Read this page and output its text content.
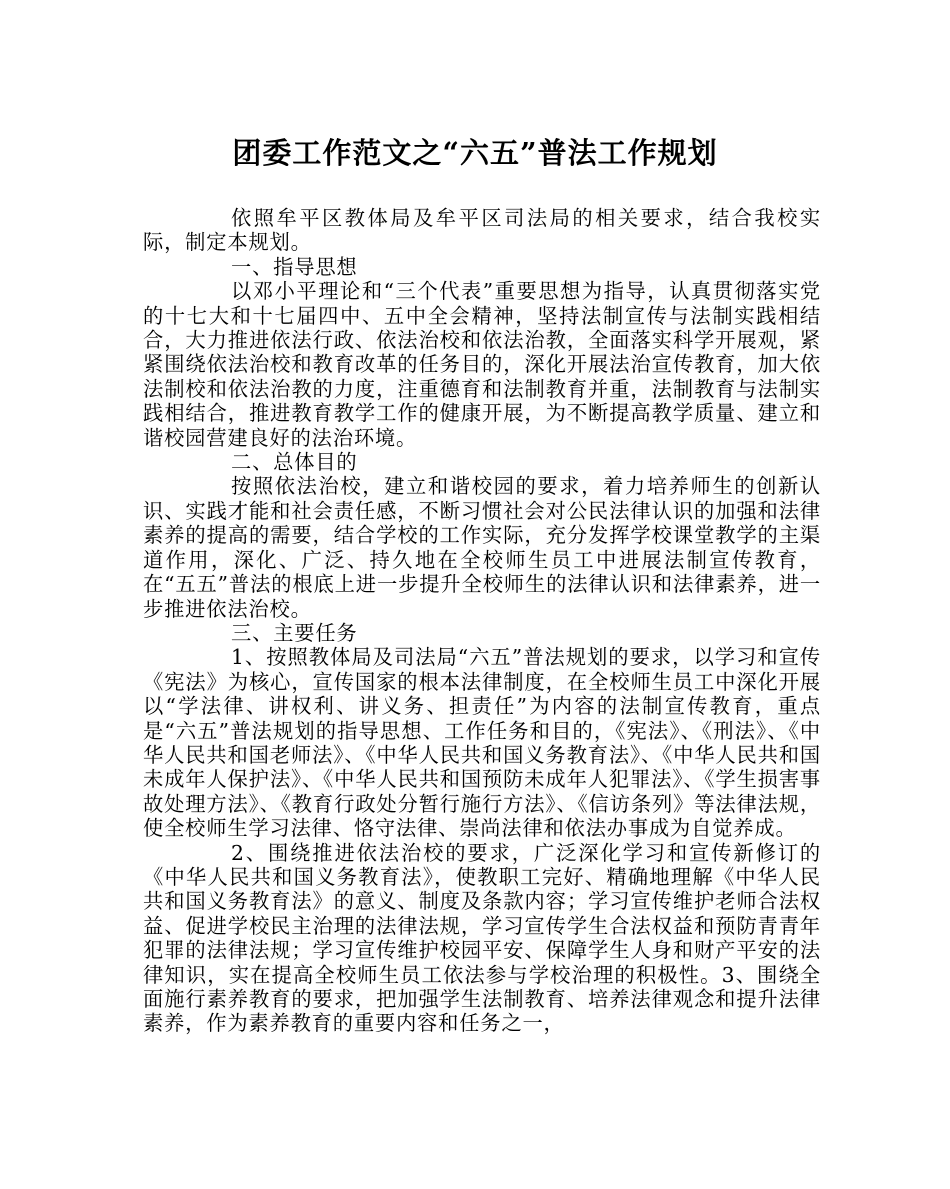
团委工作范文之“六五”普法工作规划

依照牟平区教体局及牟平区司法局的相关要求，结合我校实际，制定本规划。

一、指导思想

以邓小平理论和“三个代表”重要思想为指导，认真贯彻落实党的十七大和十七届四中、五中全会精神，坚持法制宣传与法制实践相结合，大力推进依法行政、依法治校和依法治教，全面落实科学开展观，紧紧围绕依法治校和教育改革的任务目的，深化开展法治宣传教育，加大依法制校和依法治教的力度，注重德育和法制教育并重，法制教育与法制实践相结合，推进教育教学工作的健康开展，为不断提高教学质量、建立和谐校园营建良好的法治环境。

二、总体目的

按照依法治校，建立和谐校园的要求，着力培养师生的创新认识、实践才能和社会责任感，不断习惯社会对公民法律认识的加强和法律素养的提高的需要，结合学校的工作实际，充分发挥学校课堂教学的主渠道作用，深化、广泛、持久地在全校师生员工中进展法制宣传教育，在“五五”普法的根底上进一步提升全校师生的法律认识和法律素养，进一步推进依法治校。

三、主要任务

1、按照教体局及司法局“六五”普法规划的要求，以学习和宣传《宪法》为核心，宣传国家的根本法律制度，在全校师生员工中深化开展以“学法律、讲权利、讲义务、担责任”为内容的法制宣传教育，重点是“六五”普法规划的指导思想、工作任务和目的，《宪法》、《刑法》、《中华人民共和国老师法》、《中华人民共和国义务教育法》、《中华人民共和国未成年人保护法》、《中华人民共和国预防未成年人犯罪法》、《学生损害事故处理方法》、《教育行政处分暂行施行方法》、《信访条列》等法律法规，使全校师生学习法律、恪守法律、崇尚法律和依法办事成为自觉养成。

2、围绕推进依法治校的要求，广泛深化学习和宣传新修订的《中华人民共和国义务教育法》，使教职工完好、精确地理解《中华人民共和国义务教育法》的意义、制度及条款内容；学习宣传维护老师合法权益、促进学校民主治理的法律法规，学习宣传学生合法权益和预防青青年犯罪的法律法规；学习宣传维护校园平安、保障学生人身和财产平安的法律知识，实在提高全校师生员工依法参与学校治理的积极性。3、围绕全面施行素养教育的要求，把加强学生法制教育、培养法律观念和提升法律素养，作为素养教育的重要内容和任务之一，
